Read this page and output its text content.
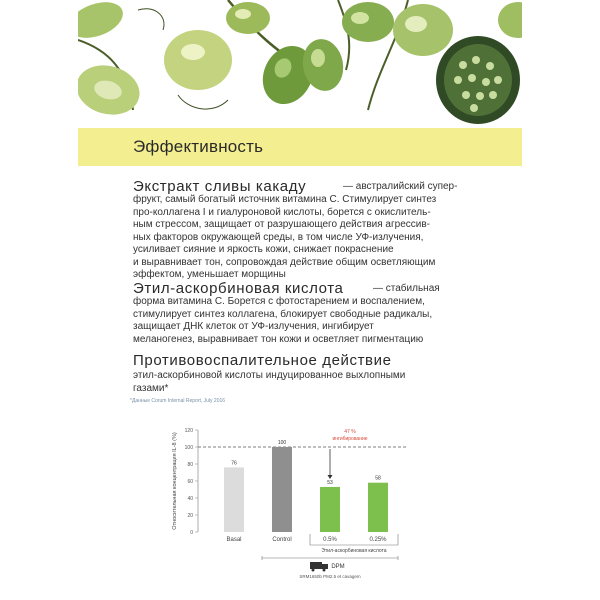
Эффективность
Экстракт сливы какаду	— австралийский супер-
фрукт, самый богатый источник витамина С. Стимулирует синтез
про-коллагена I и гиалуроновой кислоты, борется с окислитель-
ным стрессом, защищает от разрушающего действия агрессив-
ных факторов окружающей среды, в том числе УФ-излучения,
усиливает сияние и яркость кожи, снижает покраснение
и выравнивает тон, сопровождая действие общим осветляющим
эффектом, уменьшает морщины
Этил-аскорбиновая кислота	— стабильная
форма витамина С. Борется с фотостарением и воспалением,
стимулирует синтез коллагена, блокирует свободные радикалы,
защищает ДНК клеток от УФ-излучения, ингибирует
меланогенез, выравнивает тон кожи и осветляет пигментацию
Противовоспалительное действие
этил-аскорбиновой кислоты индуцированное выхлопными
газами*
*Данные Corum Internal Report, July 2016
0
20
40
60
80
100
120
Относительная концентрация IL-8 (%)	76
Basal
100
Control
53
0.5%
58
0.25%
47 %
ингибирование
Этил-аскорбиновая кислота
DPM
SRM1650b PM2.5 et cavagem
